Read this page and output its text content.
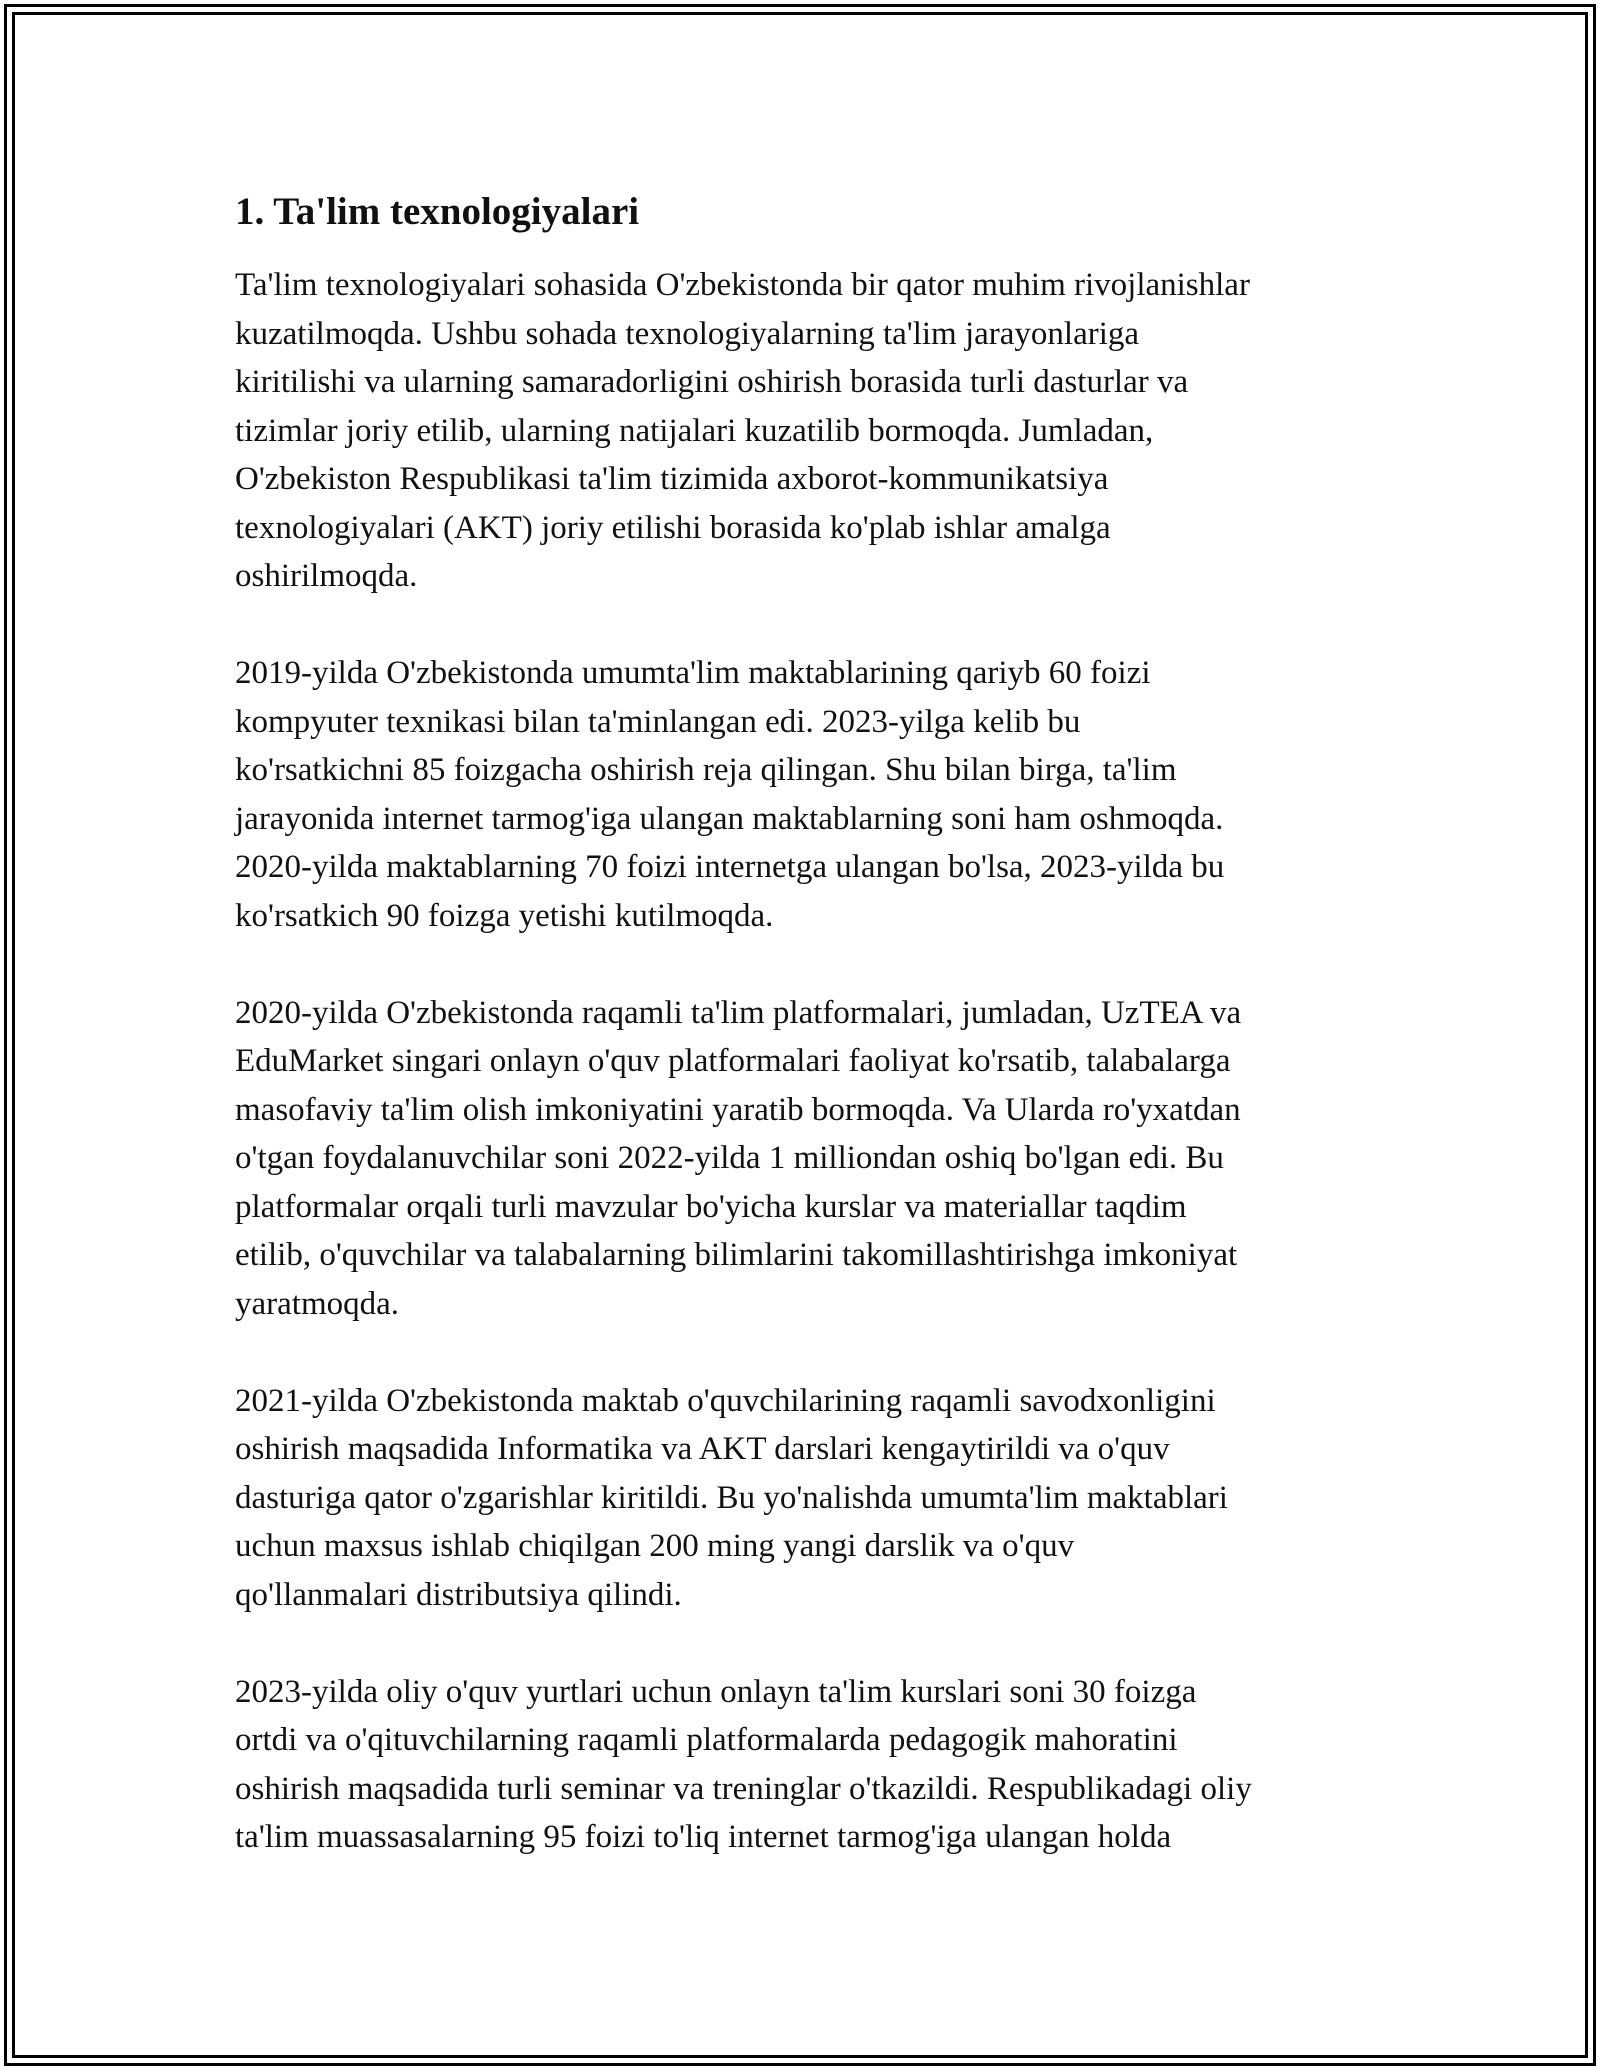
1. Ta'lim texnologiyalari
Ta'lim texnologiyalari sohasida O'zbekistonda bir qator muhim rivojlanishlar
kuzatilmoqda. Ushbu sohada texnologiyalarning ta'lim jarayonlariga
kiritilishi va ularning samaradorligini oshirish borasida turli dasturlar va
tizimlar joriy etilib, ularning natijalari kuzatilib bormoqda. Jumladan,
O'zbekiston Respublikasi ta'lim tizimida axborot-kommunikatsiya
texnologiyalari (AKT) joriy etilishi borasida ko'plab ishlar amalga
oshirilmoqda.
2019-yilda O'zbekistonda umumta'lim maktablarining qariyb 60 foizi
kompyuter texnikasi bilan ta'minlangan edi. 2023-yilga kelib bu
ko'rsatkichni 85 foizgacha oshirish reja qilingan. Shu bilan birga, ta'lim
jarayonida internet tarmog'iga ulangan maktablarning soni ham oshmoqda.
2020-yilda maktablarning 70 foizi internetga ulangan bo'lsa, 2023-yilda bu
ko'rsatkich 90 foizga yetishi kutilmoqda.
2020-yilda O'zbekistonda raqamli ta'lim platformalari, jumladan, UzTEA va
EduMarket singari onlayn o'quv platformalari faoliyat ko'rsatib, talabalarga
masofaviy ta'lim olish imkoniyatini yaratib bormoqda. Va Ularda ro'yxatdan
o'tgan foydalanuvchilar soni 2022-yilda 1 milliondan oshiq bo'lgan edi. Bu
platformalar orqali turli mavzular bo'yicha kurslar va materiallar taqdim
etilib, o'quvchilar va talabalarning bilimlarini takomillashtirishga imkoniyat
yaratmoqda.
2021-yilda O'zbekistonda maktab o'quvchilarining raqamli savodxonligini
oshirish maqsadida Informatika va AKT darslari kengaytirildi va o'quv
dasturiga qator o'zgarishlar kiritildi. Bu yo'nalishda umumta'lim maktablari
uchun maxsus ishlab chiqilgan 200 ming yangi darslik va o'quv
qo'llanmalari distributsiya qilindi.
2023-yilda oliy o'quv yurtlari uchun onlayn ta'lim kurslari soni 30 foizga
ortdi va o'qituvchilarning raqamli platformalarda pedagogik mahoratini
oshirish maqsadida turli seminar va treninglar o'tkazildi. Respublikadagi oliy
ta'lim muassasalarning 95 foizi to'liq internet tarmog'iga ulangan holda
